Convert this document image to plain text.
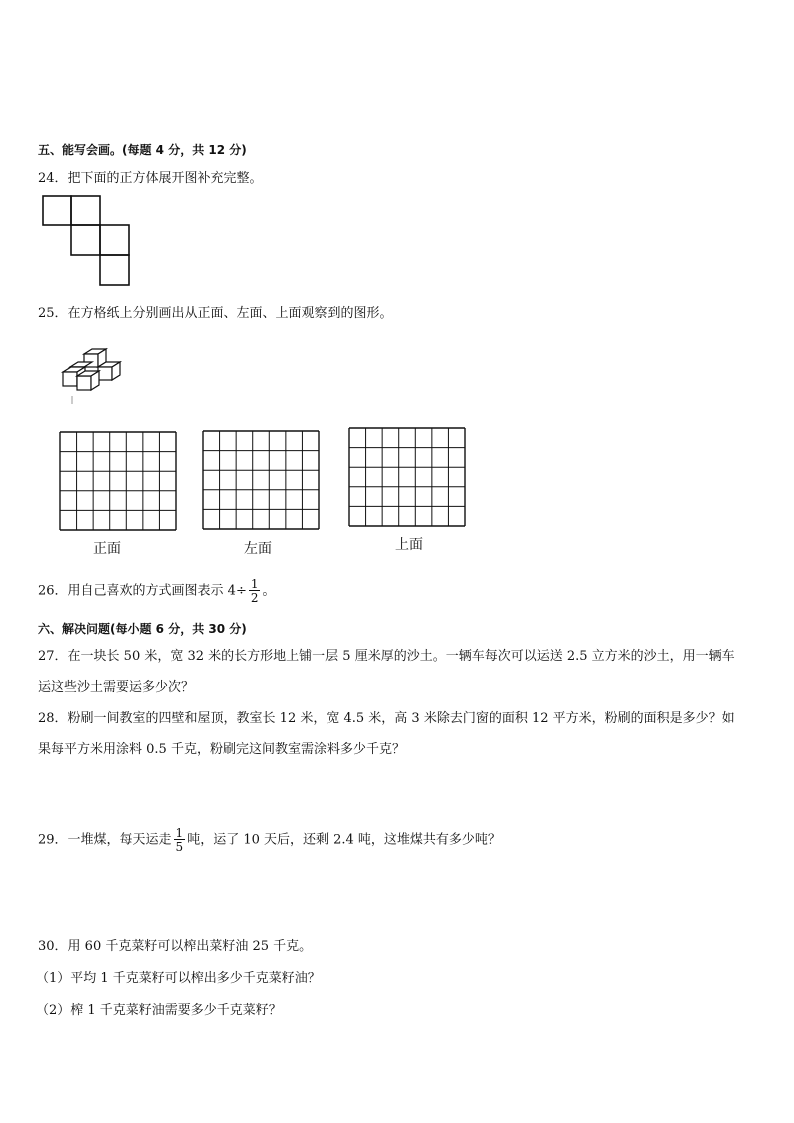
五、能写会画。(每题 4 分，共 12 分)
24．把下面的正方体展开图补充完整。
25．在方格纸上分别画出从正面、左面、上面观察到的图形。
正面	左面	上面
26．用自己喜欢的方式画图表示 $4\div \frac{1}{2}$ 。
六、解决问题(每小题 6 分，共 30 分)
27．在一块长 50 米，宽 32 米的长方形地上铺一层 5 厘米厚的沙土。一辆车每次可以运送 2.5 立方米的沙土，用一辆车
运这些沙土需要运多少次？
28．粉刷一间教室的四壁和屋顶，教室长 12 米，宽 4.5 米，高 3 米除去门窗的面积 12 平方米，粉刷的面积是多少？如
果每平方米用涂料 0.5 千克，粉刷完这间教室需涂料多少千克？
29．一堆煤，每天运走 $\frac{1}{5}$ 吨，运了 10 天后，还剩 2.4 吨，这堆煤共有多少吨？
30．用 60 千克菜籽可以榨出菜籽油 25 千克。
（1）平均 1 千克菜籽可以榨出多少千克菜籽油？
（2）榨 1 千克菜籽油需要多少千克菜籽？
